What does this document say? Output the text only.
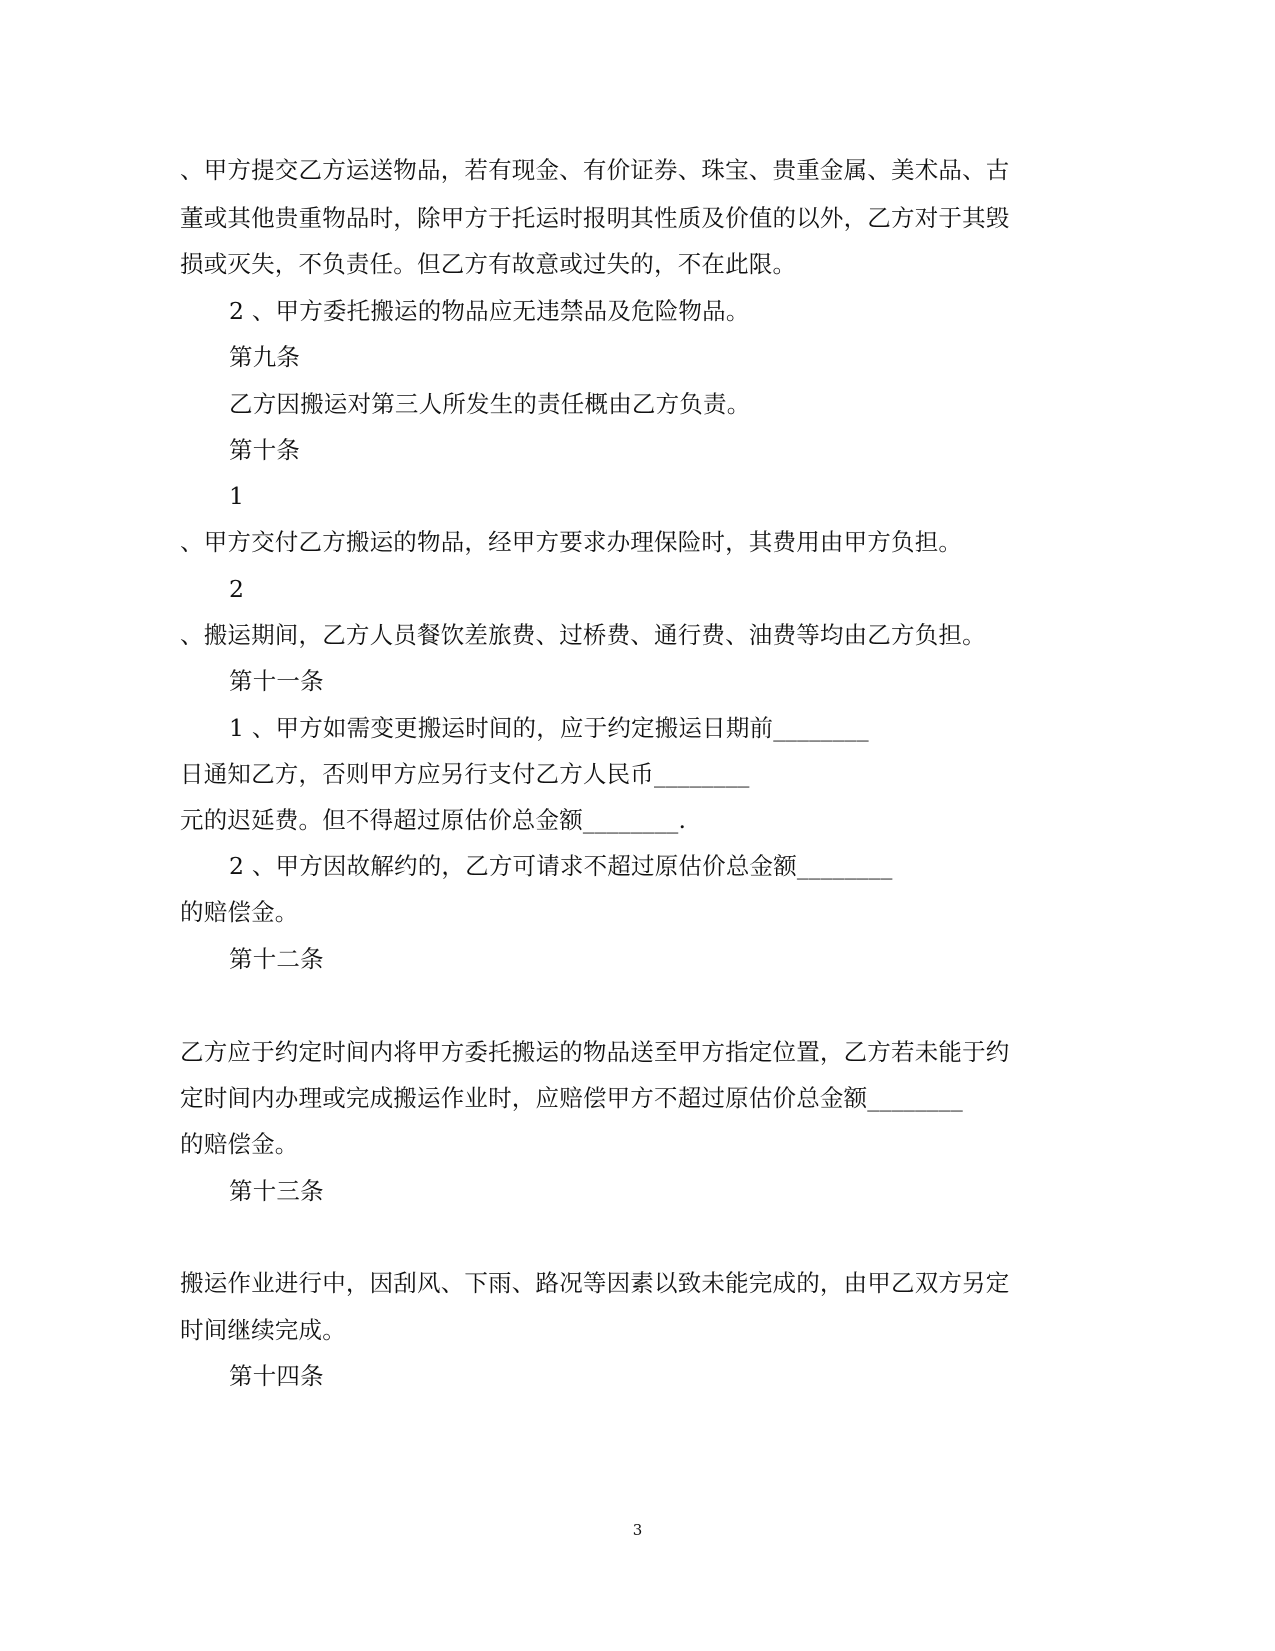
、甲方提交乙方运送物品，若有现金、有价证券、珠宝、贵重金属、美术品、古
董或其他贵重物品时，除甲方于托运时报明其性质及价值的以外，乙方对于其毁
损或灭失，不负责任。但乙方有故意或过失的，不在此限。
2 、甲方委托搬运的物品应无违禁品及危险物品。
第九条
乙方因搬运对第三人所发生的责任概由乙方负责。
第十条
1
、甲方交付乙方搬运的物品，经甲方要求办理保险时，其费用由甲方负担。
2
、搬运期间，乙方人员餐饮差旅费、过桥费、通行费、油费等均由乙方负担。
第十一条
1 、甲方如需变更搬运时间的，应于约定搬运日期前________
日通知乙方，否则甲方应另行支付乙方人民币________
元的迟延费。但不得超过原估价总金额________.
2 、甲方因故解约的，乙方可请求不超过原估价总金额________
的赔偿金。
第十二条
乙方应于约定时间内将甲方委托搬运的物品送至甲方指定位置，乙方若未能于约
定时间内办理或完成搬运作业时，应赔偿甲方不超过原估价总金额________
的赔偿金。
第十三条
搬运作业进行中，因刮风、下雨、路况等因素以致未能完成的，由甲乙双方另定
时间继续完成。
第十四条
3
